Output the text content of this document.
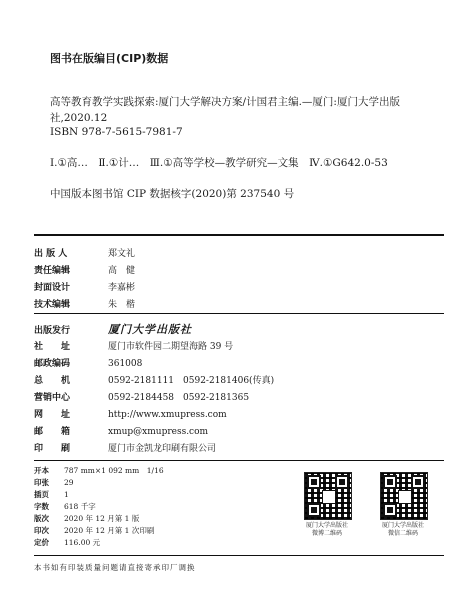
图书在版编目(CIP)数据
高等教育教学实践探索:厦门大学解决方案/计国君主编.—厦门:厦门大学出版
社,2020.12
ISBN 978-7-5615-7981-7
Ⅰ.①高…　Ⅱ.①计…　Ⅲ.①高等学校—教学研究—文集　Ⅳ.①G642.0-53
中国版本图书馆 CIP 数据核字(2020)第 237540 号
出 版 人	郑文礼
责任编辑	高　健
封面设计	李嘉彬
技术编辑	朱　楷
出版发行	厦门大学出版社
社　　址	厦门市软件园二期望海路 39 号
邮政编码	361008
总　　机	0592-2181111　0592-2181406(传真)
营销中心	0592-2184458　0592-2181365
网　　址	http://www.xmupress.com
邮　　箱	xmup@xmupress.com
印　　刷	厦门市金凯龙印刷有限公司
开本	787 mm×1 092 mm　1/16
印张	29
插页	1
字数	618 千字
版次	2020 年 12 月第 1 版
印次	2020 年 12 月第 1 次印刷
定价	116.00 元
厦门大学出版社
微博二维码
厦门大学出版社
微信二维码
本书如有印装质量问题请直接寄承印厂调换
